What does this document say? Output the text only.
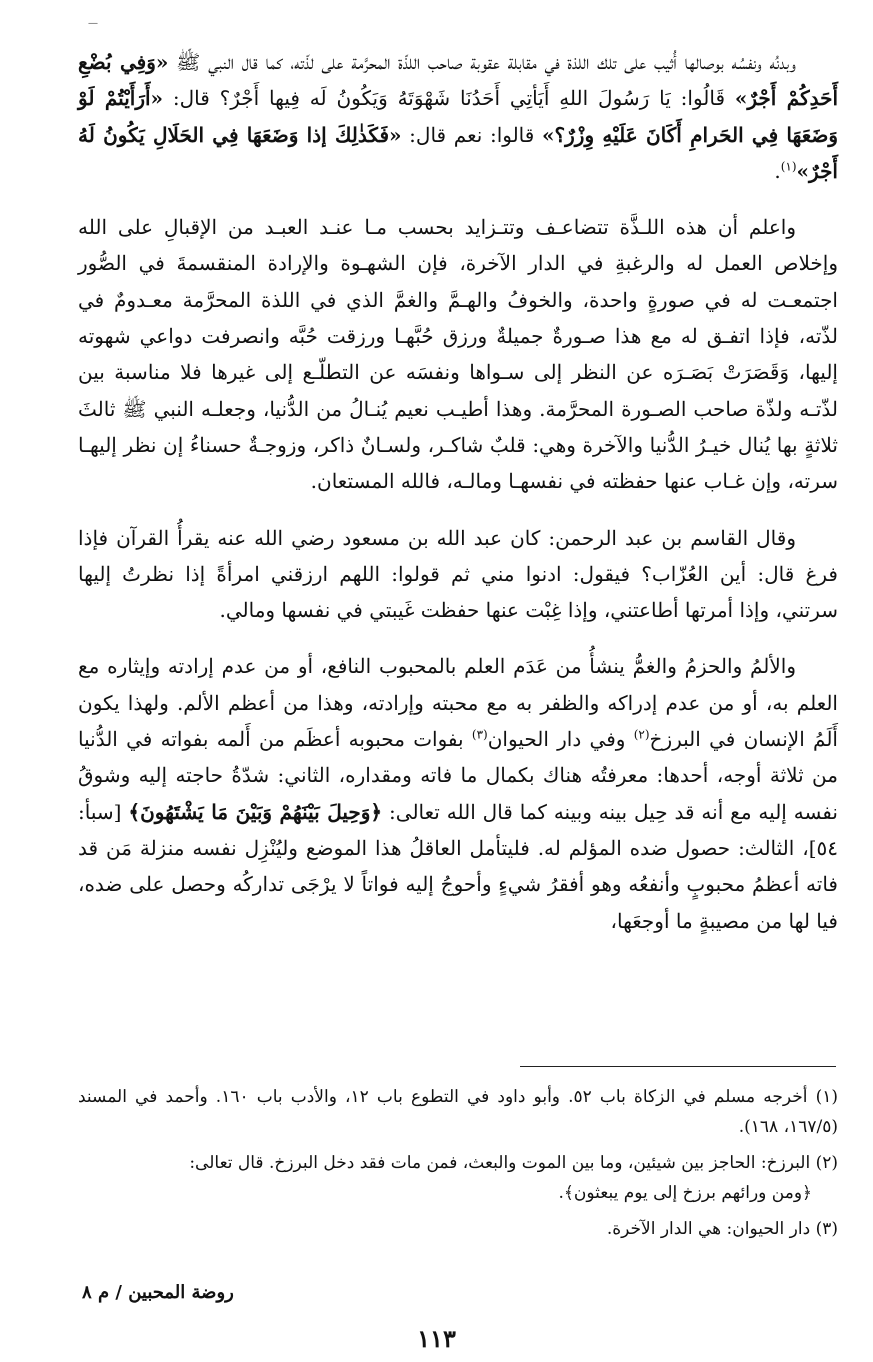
—

وبدنُه ونفسُه بوصالها أُثيب على تلك اللذة في مقابلة عقوبة صاحب اللذّة المحرَّمة على لذّته، كما قال النبي ﷺ «وَفِي بُضْعِ أَحَدِكُمْ أَجْرٌ» قَالُوا: يَا رَسُولَ اللهِ أَيَأتِي أَحَدُنَا شَهْوَتَهُ وَيَكُونُ لَه فِيها أَجْرٌ؟ قال: «أَرَأَيْتُمْ لَوْ وَضَعَهَا فِي الحَرامِ أَكَانَ عَلَيْهِ وِزْرٌ؟» قالوا: نعم قال: «فَكَذٰلِكَ إذا وَضَعَهَا فِي الحَلَالِ يَكُونُ لَهُ أَجْرٌ»$^{(١)}$.

واعلم أن هذه اللـذَّة تتضاعـف وتتـزايد بحسب مـا عنـد العبـد من الإقبالِ على الله وإخلاص العمل له والرغبةِ في الدار الآخرة، فإن الشهـوة والإرادة المنقسمةَ في الصُّور اجتمعـت له في صورةٍ واحدة، والخوفُ والهـمَّ والغمَّ الذي في اللذة المحرَّمة معـدومٌ في لذّته، فإذا اتفـق له مع هذا صـورةٌ جميلةٌ ورزق حُبَّهـا ورزقت حُبَّه وانصرفت دواعي شهوته إليها، وَقَصَرَتْ بَصَـرَه عن النظر إلى سـواها ونفسَه عن التطلّـع إلى غيرها فلا مناسبة بين لذّتـه ولذّة صاحب الصـورة المحرَّمة. وهذا أطيـب نعيم يُنـالُ من الدُّنيا، وجعلـه النبي ﷺ ثالثَ ثلاثةٍ بها يُنال خيـرُ الدُّنيا والآخرة وهي: قلبٌ شاكـر، ولسـانٌ ذاكر، وزوجـةٌ حسناءُ إن نظر إليهـا سرته، وإن غـاب عنها حفظته في نفسهـا ومالـه، فالله المستعان.

وقال القاسم بن عبد الرحمن: كان عبد الله بن مسعود رضي الله عنه يقرأُ القرآن فإذا فرغ قال: أين العُزّاب؟ فيقول: ادنوا مني ثم قولوا: اللهم ارزقني امرأةً إذا نظرتُ إليها سرتني، وإذا أمرتها أطاعتني، وإذا غِبْت عنها حفظت غَيبتي في نفسها ومالي.

والألمُ والحزمُ والغمُّ ينشأُ من عَدَم العلم بالمحبوب النافع، أو من عدم إرادته وإيثاره مع العلم به، أو من عدم إدراكه والظفر به مع محبته وإرادته، وهذا من أعظم الألم. ولهذا يكون أَلَمُ الإنسان في البرزخ$^{(٢)}$ وفي دار الحيوان$^{(٣)}$ بفوات محبوبه أعظَم من أَلمه بفواته في الدُّنيا من ثلاثة أوجه، أحدها: معرفتُه هناك بكمال ما فاته ومقداره، الثاني: شدّةُ حاجته إليه وشوقُ نفسه إليه مع أنه قد حِيل بينه وبينه كما قال الله تعالى: ﴿وَحِيلَ بَيْنَهُمْ وَبَيْنَ مَا يَشْتَهُونَ﴾ [سبأ: ٥٤]، الثالث: حصول ضده المؤلم له. فليتأمل العاقلُ هذا الموضع وليُنْزِل نفسه منزلة مَن قد فاته أعظمُ محبوبٍ وأنفعُه وهو أفقرُ شيءٍ وأحوجُ إليه فواتاً لا يرْجَى تداركُه وحصل على ضده، فيا لها من مصيبةٍ ما أوجعَها،

(١) أخرجه مسلم في الزكاة باب ٥٢. وأبو داود في التطوع باب ١٢، والأدب باب ١٦٠. وأحمد في المسند (١٦٧/٥، ١٦٨).

(٢) البرزخ: الحاجز بين شيئين، وما بين الموت والبعث، فمن مات فقد دخل البرزخ. قال تعالى:
﴿ومن ورائهم برزخ إلى يوم يبعثون﴾.

(٣) دار الحيوان: هي الدار الآخرة.

روضة المحبين / م ٨
١١٣
